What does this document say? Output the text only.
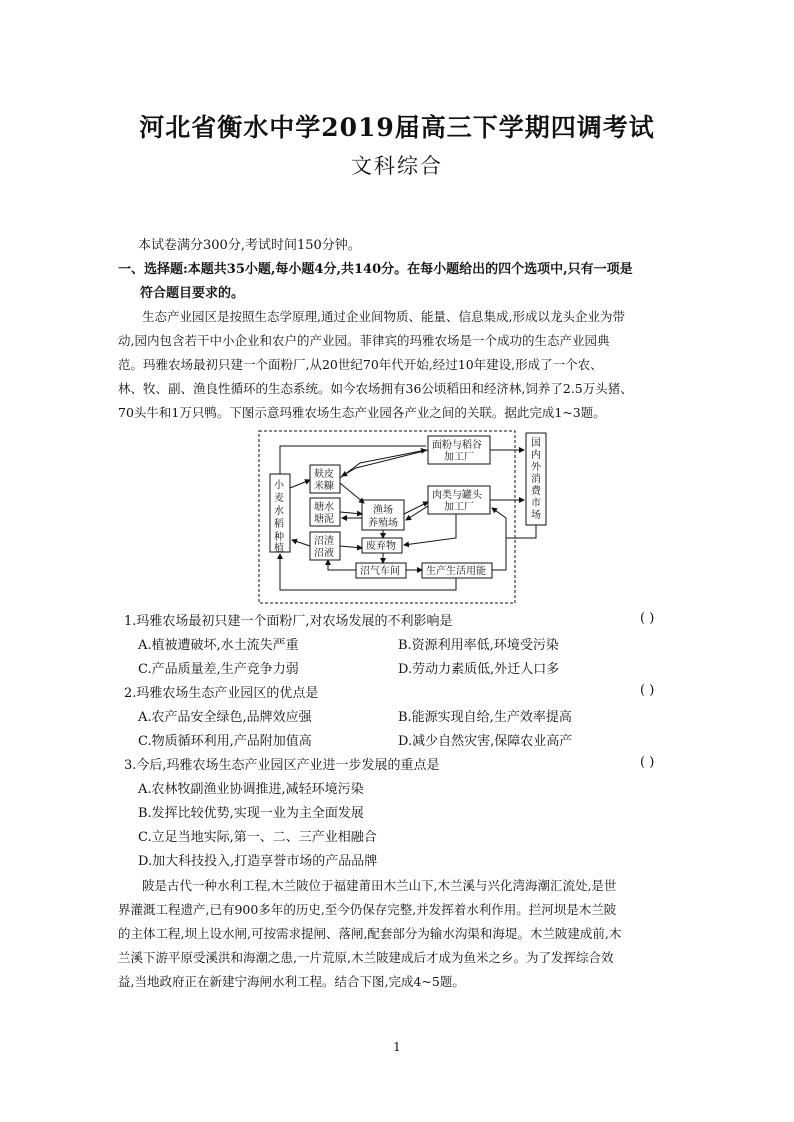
河北省衡水中学2019届高三下学期四调考试
文科综合
本试卷满分300分,考试时间150分钟。
一、选择题:本题共35小题,每小题4分,共140分。在每小题给出的四个选项中,只有一项是
符合题目要求的。
生态产业园区是按照生态学原理,通过企业间物质、能量、信息集成,形成以龙头企业为带
动,园内包含若干中小企业和农户的产业园。菲律宾的玛雅农场是一个成功的生态产业园典
范。玛雅农场最初只建一个面粉厂,从20世纪70年代开始,经过10年建设,形成了一个农、
林、牧、副、渔良性循环的生态系统。如今农场拥有36公顷稻田和经济林,饲养了2.5万头猪、
70头牛和1万只鸭。下图示意玛雅农场生态产业园各产业之间的关联。据此完成1~3题。
小麦水稻种植
麸皮米糠
塘水塘泥
沼渣沼液
渔场养殖场
废弃物
面粉与稻谷加工厂
肉类与罐头加工厂
国内外消费市场
沼气车间	生产生活用能
1.玛雅农场最初只建一个面粉厂,对农场发展的不利影响是	( )
A.植被遭破坏,水土流失严重	B.资源利用率低,环境受污染
C.产品质量差,生产竞争力弱	D.劳动力素质低,外迁人口多
2.玛雅农场生态产业园区的优点是	( )
A.农产品安全绿色,品牌效应强	B.能源实现自给,生产效率提高
C.物质循环利用,产品附加值高	D.减少自然灾害,保障农业高产
3.今后,玛雅农场生态产业园区产业进一步发展的重点是	( )
A.农林牧副渔业协调推进,减轻环境污染
B.发挥比较优势,实现一业为主全面发展
C.立足当地实际,第一、二、三产业相融合
D.加大科技投入,打造享誉市场的产品品牌
陂是古代一种水利工程,木兰陂位于福建莆田木兰山下,木兰溪与兴化湾海潮汇流处,是世
界灌溉工程遗产,已有900多年的历史,至今仍保存完整,并发挥着水利作用。拦河坝是木兰陂
的主体工程,坝上设水闸,可按需求提闸、落闸,配套部分为输水沟渠和海堤。木兰陂建成前,木
兰溪下游平原受溪洪和海潮之患,一片荒原,木兰陂建成后才成为鱼米之乡。为了发挥综合效
益,当地政府正在新建宁海闸水利工程。结合下图,完成4~5题。
1
